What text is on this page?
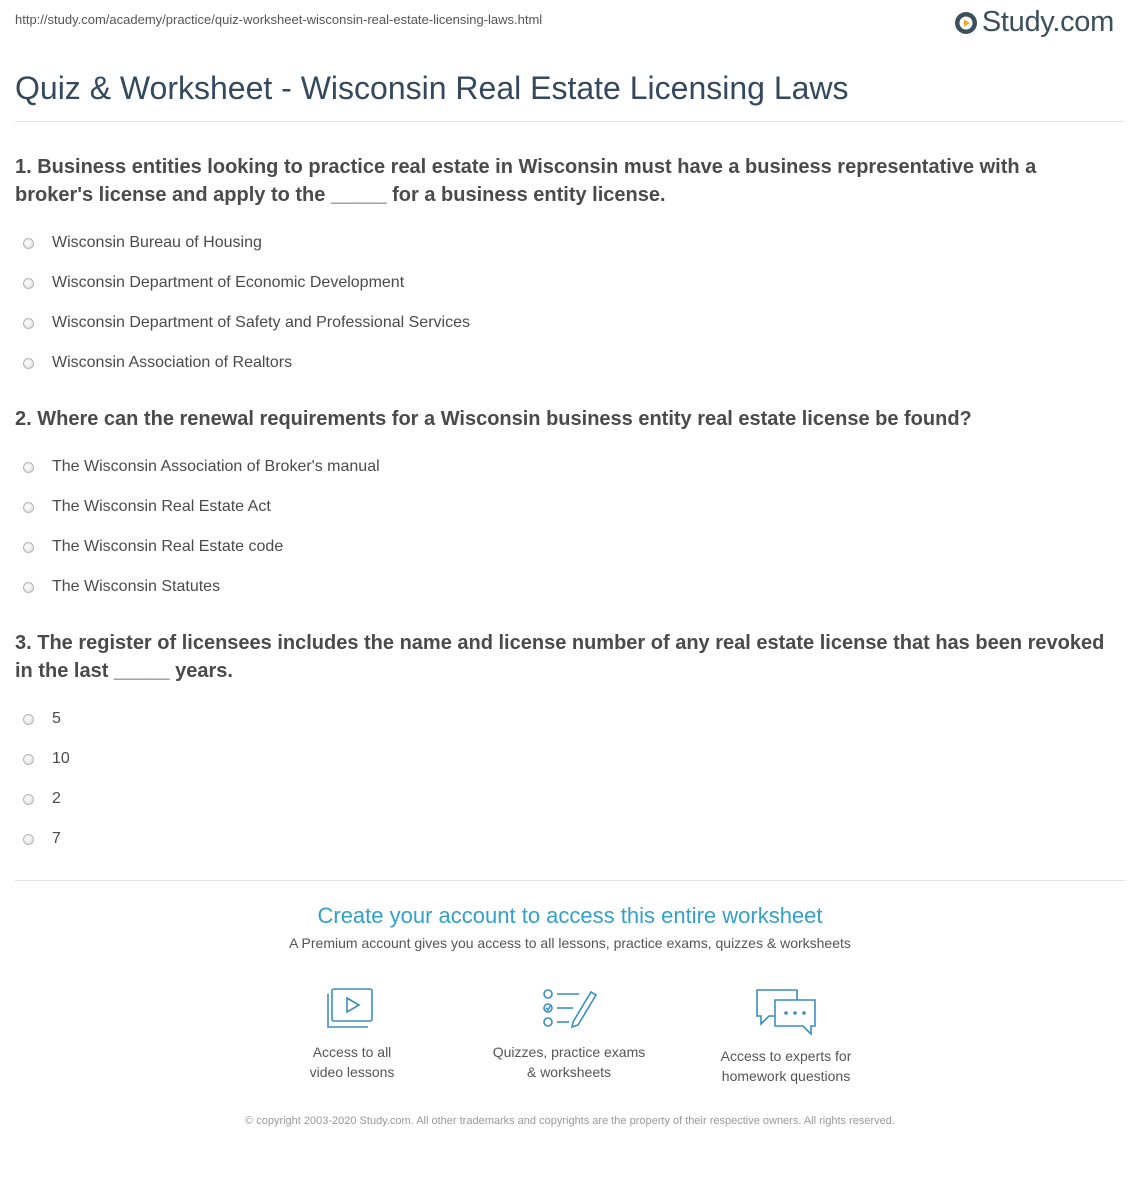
http://study.com/academy/practice/quiz-worksheet-wisconsin-real-estate-licensing-laws.html	Study.com
Quiz & Worksheet - Wisconsin Real Estate Licensing Laws

1. Business entities looking to practice real estate in Wisconsin must have a business representative with a broker's license and apply to the _____ for a business entity license.

Wisconsin Bureau of Housing
Wisconsin Department of Economic Development
Wisconsin Department of Safety and Professional Services
Wisconsin Association of Realtors

2. Where can the renewal requirements for a Wisconsin business entity real estate license be found?

The Wisconsin Association of Broker's manual
The Wisconsin Real Estate Act
The Wisconsin Real Estate code
The Wisconsin Statutes

3. The register of licensees includes the name and license number of any real estate license that has been revoked in the last _____ years.

5
10
2
7
Create your account to access this entire worksheet

A Premium account gives you access to all lessons, practice exams, quizzes & worksheets

Access to all
video lessons
Quizzes, practice exams
& worksheets
Access to experts for
homework questions
© copyright 2003-2020 Study.com. All other trademarks and copyrights are the property of their respective owners. All rights reserved.
